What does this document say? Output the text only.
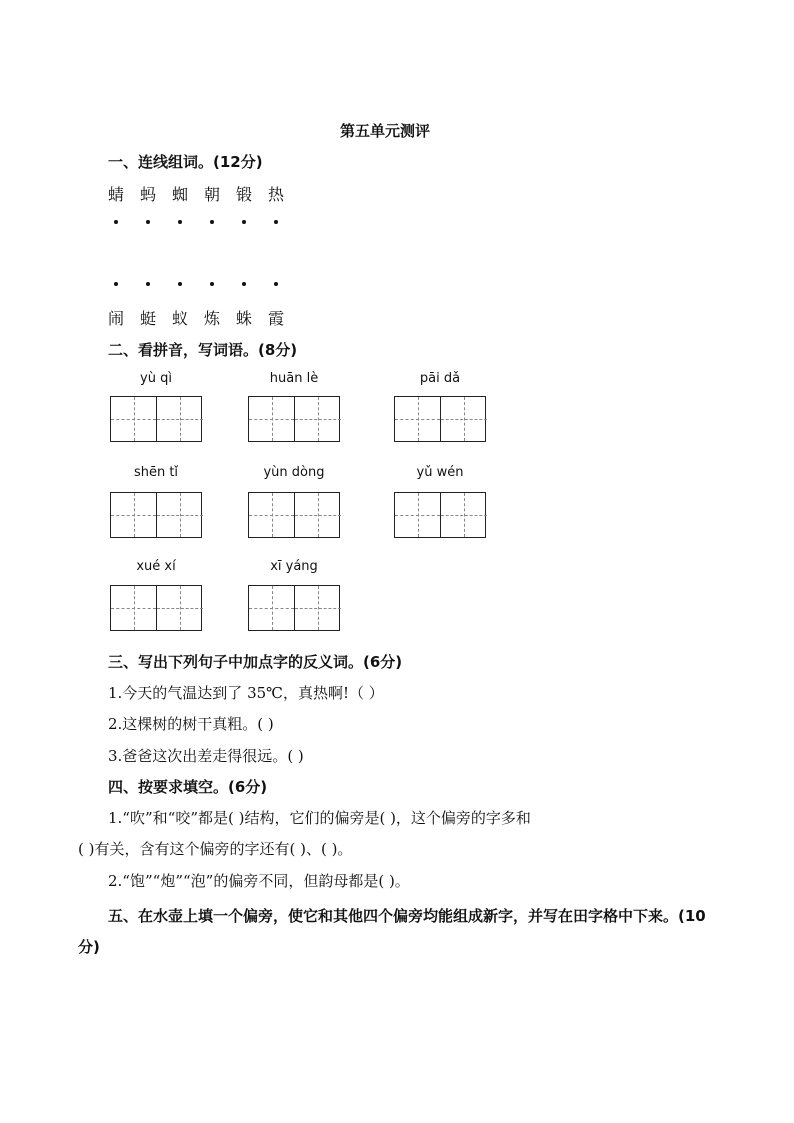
第五单元测评
一、连线组词。(12分)
蜻 蚂 蜘 朝 锻 热
闹 蜓 蚁 炼 蛛 霞
二、看拼音，写词语。(8分)
yù qì	huān lè	pāi dǎ
shēn tǐ	yùn dòng	yǔ wén
xué xí	xī yáng
三、写出下列句子中加点字的反义词。(6分)
1.今天的气温达到了 35℃，真热啊!（ ）
2.这棵树的树干真粗。( )
3.爸爸这次出差走得很远。( )
四、按要求填空。(6分)
1.“吹”和“咬”都是( )结构，它们的偏旁是( )，这个偏旁的字多和
( )有关，含有这个偏旁的字还有( )、( )。
2.“饱”“炮”“泡”的偏旁不同，但韵母都是( )。
五、在水壶上填一个偏旁，使它和其他四个偏旁均能组成新字，并写在田字格中下来。(10分)
